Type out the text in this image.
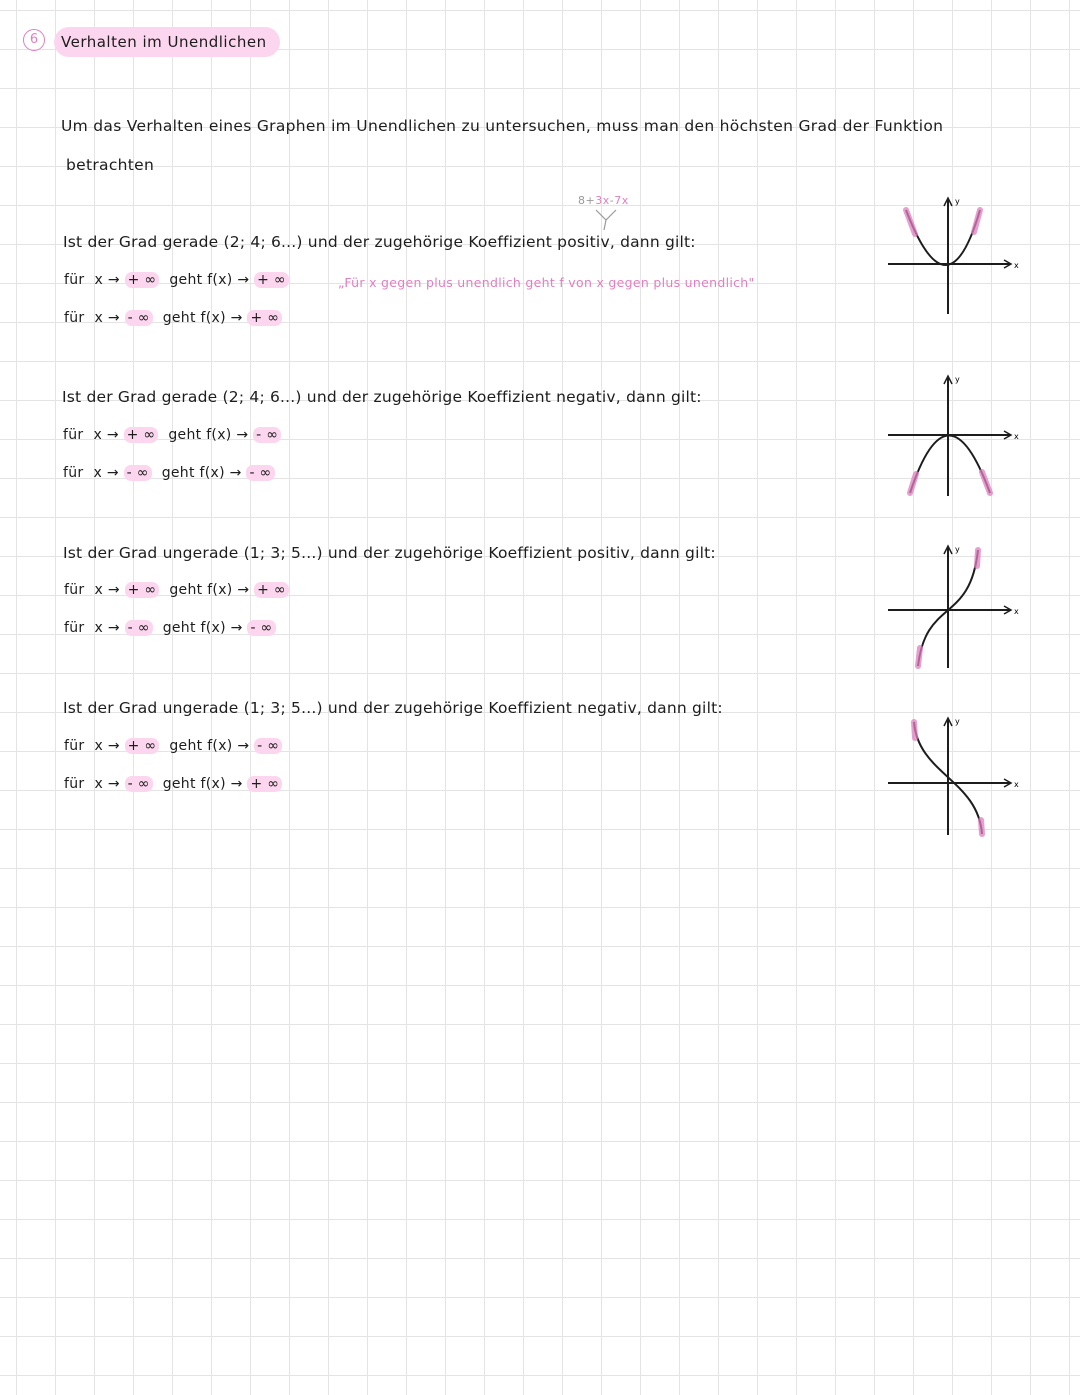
6	Verhalten im Unendlichen
Um das Verhalten eines Graphen im Unendlichen zu untersuchen, muss man den höchsten Grad der Funktion
betrachten
8+3x-7x
Ist der Grad gerade (2; 4; 6...) und der zugehörige Koeffizient positiv, dann gilt:
für x → + ∞ geht f(x) → + ∞
für x → - ∞ geht f(x) → + ∞
„Für x gegen plus unendlich geht f von x gegen plus unendlich"
x
y
Ist der Grad gerade (2; 4; 6...) und der zugehörige Koeffizient negativ, dann gilt:
für x → + ∞ geht f(x) → - ∞
für x → - ∞ geht f(x) → - ∞
x
y
Ist der Grad ungerade (1; 3; 5...) und der zugehörige Koeffizient positiv, dann gilt:
für x → + ∞ geht f(x) → + ∞
für x → - ∞ geht f(x) → - ∞
x
y
Ist der Grad ungerade (1; 3; 5...) und der zugehörige Koeffizient negativ, dann gilt:
für x → + ∞ geht f(x) → - ∞
für x → - ∞ geht f(x) → + ∞	x
y
